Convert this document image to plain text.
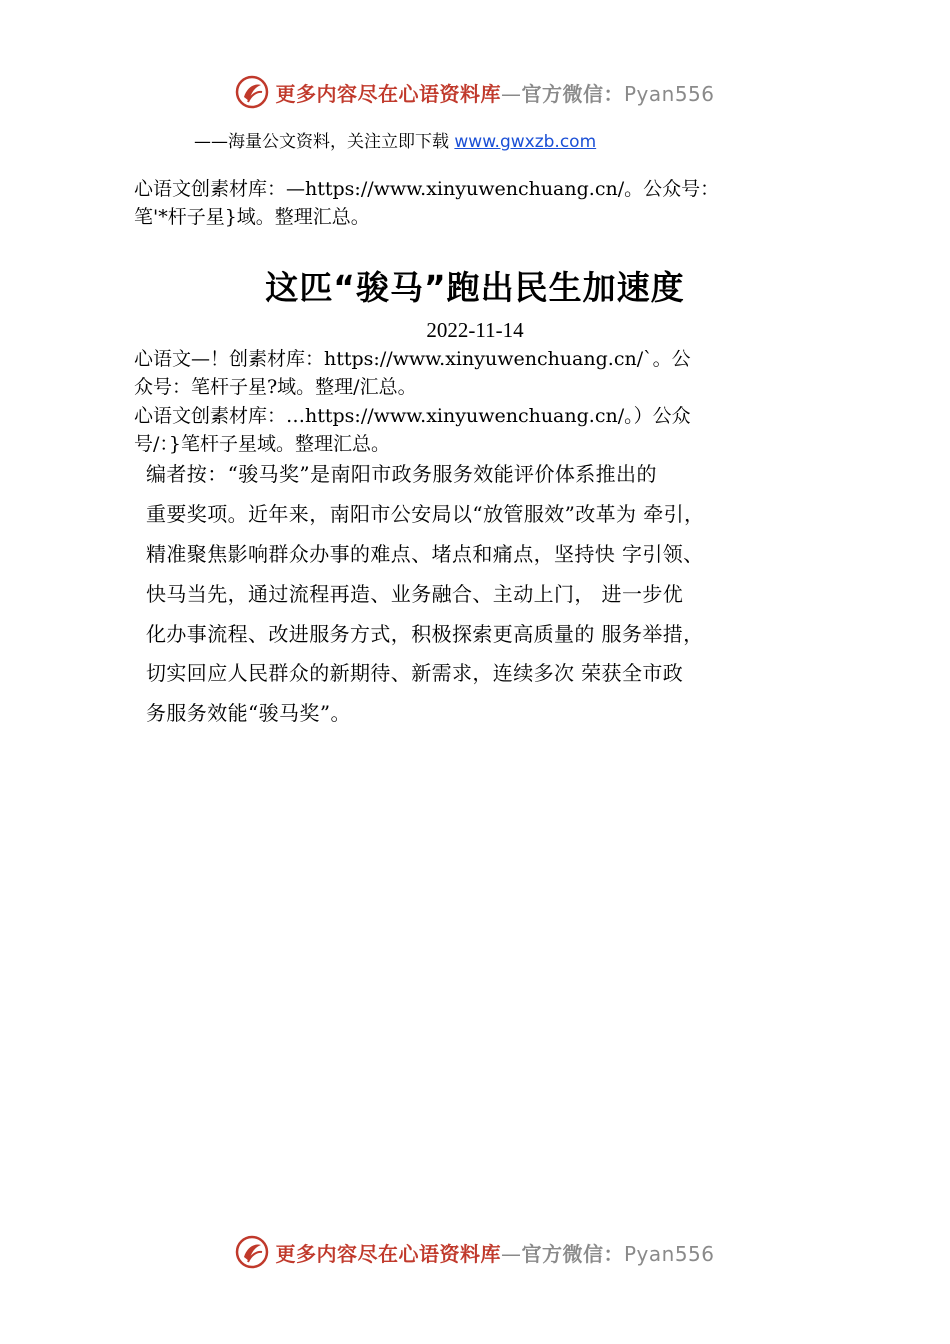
更多内容尽在心语资料库—官方微信：Pyan556
——海量公文资料，关注立即下载 www.gwxzb.com
心语文创素材库：—https://www.xinyuwenchuang.cn/。公众号：
笔'*杆子星}域。整理汇总。
这匹“骏马”跑出民生加速度
2022-11-14
心语文—！创素材库：https://www.xinyuwenchuang.cn/`。公
众号：笔杆子星?域。整理/汇总。
心语文创素材库：…https://www.xinyuwenchuang.cn/。）公众
号/：}笔杆子星域。整理汇总。
编者按：“骏马奖”是南阳市政务服务效能评价体系推出的
重要奖项。近年来，南阳市公安局以“放管服效”改革为 牵引，
精准聚焦影响群众办事的难点、堵点和痛点，坚持快 字引领、
快马当先，通过流程再造、业务融合、主动上门， 进一步优
化办事流程、改进服务方式，积极探索更高质量的 服务举措，
切实回应人民群众的新期待、新需求，连续多次 荣获全市政
务服务效能“骏马奖”。
更多内容尽在心语资料库—官方微信：Pyan556
